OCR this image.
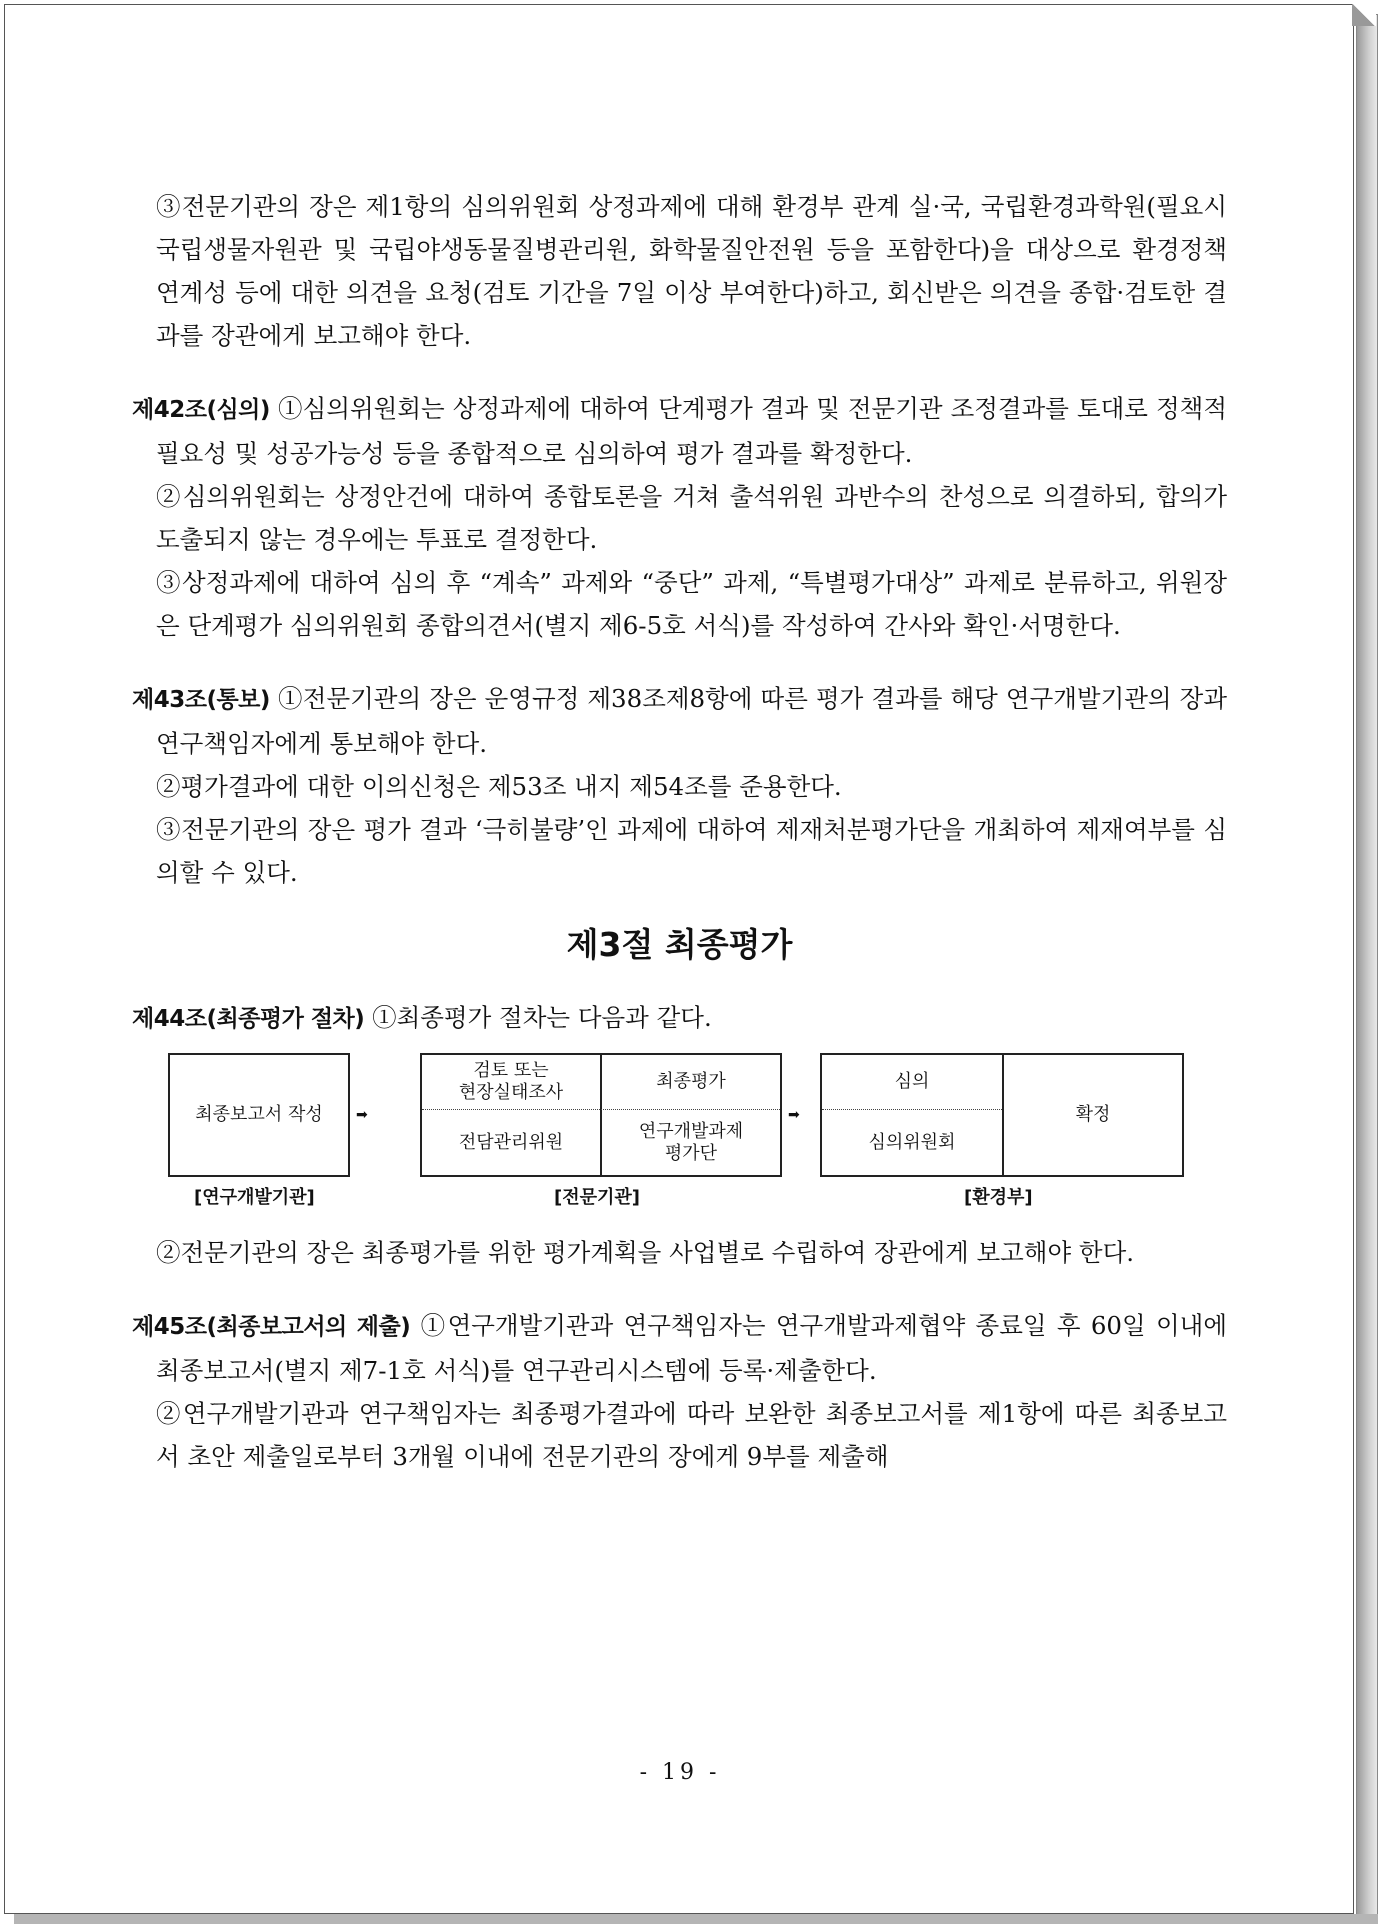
③전문기관의 장은 제1항의 심의위원회 상정과제에 대해 환경부 관계 실·국, 국립환경과학원(필요시 국립생물자원관 및 국립야생동물질병관리원, 화학물질안전원 등을 포함한다)을 대상으로 환경정책 연계성 등에 대한 의견을 요청(검토 기간을 7일 이상 부여한다)하고, 회신받은 의견을 종합·검토한 결과를 장관에게 보고해야 한다.

제42조(심의) ①심의위원회는 상정과제에 대하여 단계평가 결과 및 전문기관 조정결과를 토대로 정책적 필요성 및 성공가능성 등을 종합적으로 심의하여 평가 결과를 확정한다.

②심의위원회는 상정안건에 대하여 종합토론을 거쳐 출석위원 과반수의 찬성으로 의결하되, 합의가 도출되지 않는 경우에는 투표로 결정한다.

③상정과제에 대하여 심의 후 “계속” 과제와 “중단” 과제, “특별평가대상” 과제로 분류하고, 위원장은 단계평가 심의위원회 종합의견서(별지 제6-5호 서식)를 작성하여 간사와 확인·서명한다.

제43조(통보) ①전문기관의 장은 운영규정 제38조제8항에 따른 평가 결과를 해당 연구개발기관의 장과 연구책임자에게 통보해야 한다.

②평가결과에 대한 이의신청은 제53조 내지 제54조를 준용한다.

③전문기관의 장은 평가 결과 ‘극히불량’인 과제에 대하여 제재처분평가단을 개최하여 제재여부를 심의할 수 있다.

제3절 최종평가

제44조(최종평가 절차) ①최종평가 절차는 다음과 같다.

최종보고서 작성 ➡
검토 또는
현장실태조사
최종평가
전담관리위원
연구개발과제
평가단
➡
심의
심의위원회
확정
[연구개발기관]	[전문기관]	[환경부]

②전문기관의 장은 최종평가를 위한 평가계획을 사업별로 수립하여 장관에게 보고해야 한다.

제45조(최종보고서의 제출) ①연구개발기관과 연구책임자는 연구개발과제협약 종료일 후 60일 이내에 최종보고서(별지 제7-1호 서식)를 연구관리시스템에 등록·제출한다.

②연구개발기관과 연구책임자는 최종평가결과에 따라 보완한 최종보고서를 제1항에 따른 최종보고서 초안 제출일로부터 3개월 이내에 전문기관의 장에게 9부를 제출해

- 19 -
